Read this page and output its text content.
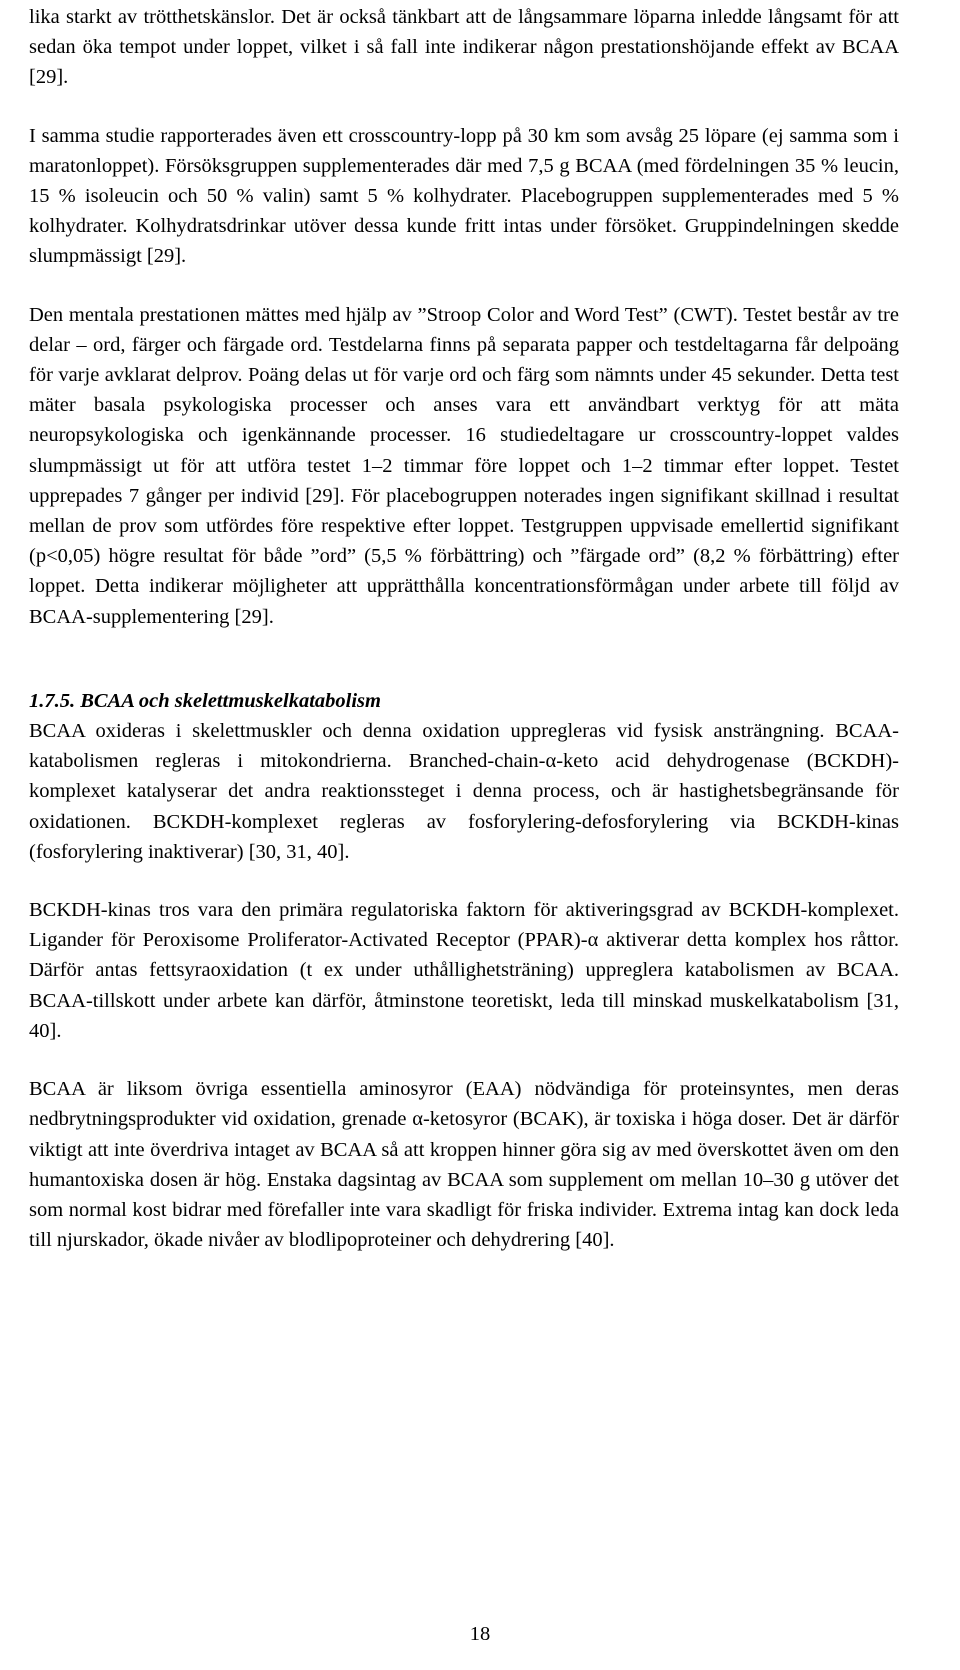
lika starkt av trötthetskänslor. Det är också tänkbart att de långsammare löparna inledde långsamt för att sedan öka tempot under loppet, vilket i så fall inte indikerar någon prestationshöjande effekt av BCAA [29].

I samma studie rapporterades även ett crosscountry-lopp på 30 km som avsåg 25 löpare (ej samma som i maratonloppet). Försöksgruppen supplementerades där med 7,5 g BCAA (med fördelningen 35 % leucin, 15 % isoleucin och 50 % valin) samt 5 % kolhydrater. Placebogruppen supplementerades med 5 % kolhydrater. Kolhydratsdrinkar utöver dessa kunde fritt intas under försöket. Gruppindelningen skedde slumpmässigt [29].

Den mentala prestationen mättes med hjälp av ”Stroop Color and Word Test” (CWT). Testet består av tre delar – ord, färger och färgade ord. Testdelarna finns på separata papper och testdeltagarna får delpoäng för varje avklarat delprov. Poäng delas ut för varje ord och färg som nämnts under 45 sekunder. Detta test mäter basala psykologiska processer och anses vara ett användbart verktyg för att mäta neuropsykologiska och igenkännande processer. 16 studiedeltagare ur crosscountry-loppet valdes slumpmässigt ut för att utföra testet 1–2 timmar före loppet och 1–2 timmar efter loppet. Testet upprepades 7 gånger per individ [29]. För placebogruppen noterades ingen signifikant skillnad i resultat mellan de prov som utfördes före respektive efter loppet. Testgruppen uppvisade emellertid signifikant (p<0,05) högre resultat för både ”ord” (5,5 % förbättring) och ”färgade ord” (8,2 % förbättring) efter loppet. Detta indikerar möjligheter att upprätthålla koncentrationsförmågan under arbete till följd av BCAA-supplementering [29].

1.7.5. BCAA och skelettmuskelkatabolism

BCAA oxideras i skelettmuskler och denna oxidation uppregleras vid fysisk ansträngning. BCAA-katabolismen regleras i mitokondrierna. Branched-chain-α-keto acid dehydrogenase (BCKDH)-komplexet katalyserar det andra reaktionssteget i denna process, och är hastighetsbegränsande för oxidationen. BCKDH-komplexet regleras av fosforylering-defosforylering via BCKDH-kinas (fosforylering inaktiverar) [30, 31, 40].

BCKDH-kinas tros vara den primära regulatoriska faktorn för aktiveringsgrad av BCKDH-komplexet. Ligander för Peroxisome Proliferator-Activated Receptor (PPAR)-α aktiverar detta komplex hos råttor. Därför antas fettsyraoxidation (t ex under uthållighetsträning) uppreglera katabolismen av BCAA. BCAA-tillskott under arbete kan därför, åtminstone teoretiskt, leda till minskad muskelkatabolism [31, 40].

BCAA är liksom övriga essentiella aminosyror (EAA) nödvändiga för proteinsyntes, men deras nedbrytningsprodukter vid oxidation, grenade α-ketosyror (BCAK), är toxiska i höga doser. Det är därför viktigt att inte överdriva intaget av BCAA så att kroppen hinner göra sig av med överskottet även om den humantoxiska dosen är hög. Enstaka dagsintag av BCAA som supplement om mellan 10–30 g utöver det som normal kost bidrar med förefaller inte vara skadligt för friska individer. Extrema intag kan dock leda till njurskador, ökade nivåer av blodlipoproteiner och dehydrering [40].

18
